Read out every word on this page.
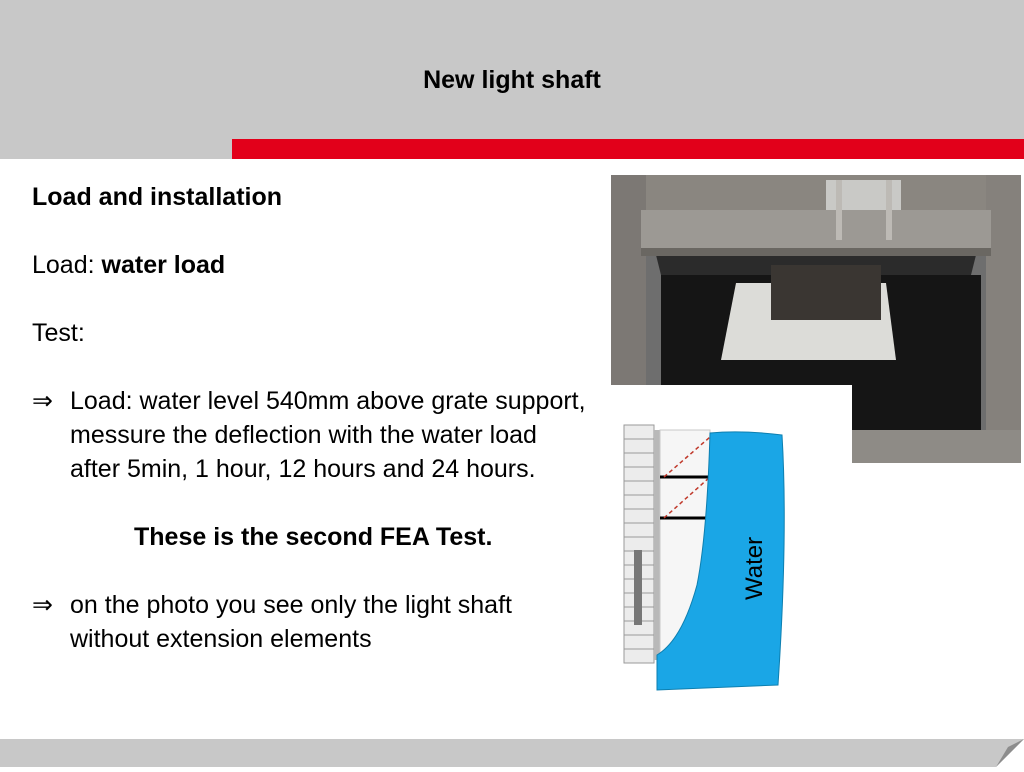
New light shaft

Load and installation

Load: water load

Test:

⇒ Load: water level 540mm above grate support, messure the deflection with the water load after 5min, 1 hour, 12 hours and 24 hours.

These is the second FEA Test.

⇒ on the photo you see only the light shaft without extension elements
Water
